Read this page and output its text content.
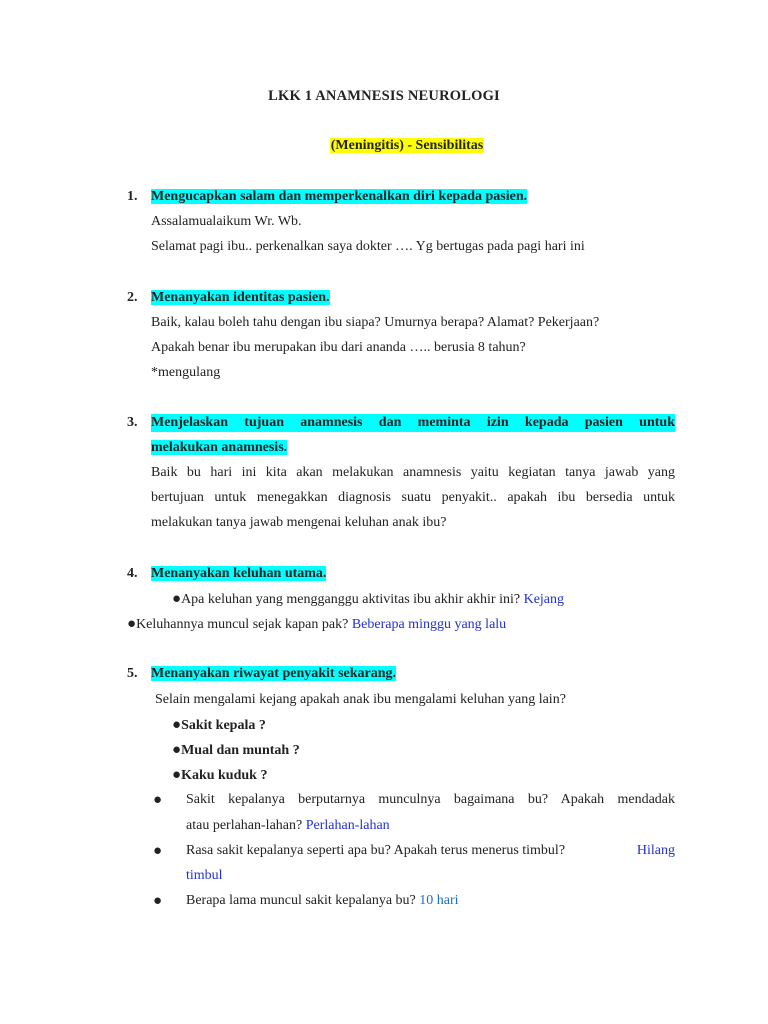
LKK 1 ANAMNESIS NEUROLOGI
(Meningitis) - Sensibilitas
1. Mengucapkan salam dan memperkenalkan diri kepada pasien.
Assalamualaikum Wr. Wb.
Selamat pagi ibu.. perkenalkan saya dokter …. Yg bertugas pada pagi hari ini
2. Menanyakan identitas pasien.
Baik, kalau boleh tahu dengan ibu siapa? Umurnya berapa? Alamat? Pekerjaan?
Apakah benar ibu merupakan ibu dari ananda ….. berusia 8 tahun?
*mengulang
3. Menjelaskan tujuan anamnesis dan meminta izin kepada pasien untuk
melakukan anamnesis.
Baik bu hari ini kita akan melakukan anamnesis yaitu kegiatan tanya jawab yang
bertujuan untuk menegakkan diagnosis suatu penyakit.. apakah ibu bersedia untuk
melakukan tanya jawab mengenai keluhan anak ibu?
4. Menanyakan keluhan utama.
●Apa keluhan yang mengganggu aktivitas ibu akhir akhir ini? Kejang
●Keluhannya muncul sejak kapan pak? Beberapa minggu yang lalu
5. Menanyakan riwayat penyakit sekarang.
Selain mengalami kejang apakah anak ibu mengalami keluhan yang lain?
●Sakit kepala ?
●Mual dan muntah ?
●Kaku kuduk ?
● Sakit kepalanya berputarnya munculnya bagaimana bu? Apakah mendadak
atau perlahan-lahan? Perlahan-lahan
● Rasa sakit kepalanya seperti apa bu? Apakah terus menerus timbul?	Hilang
timbul
● Berapa lama muncul sakit kepalanya bu? 10 hari
